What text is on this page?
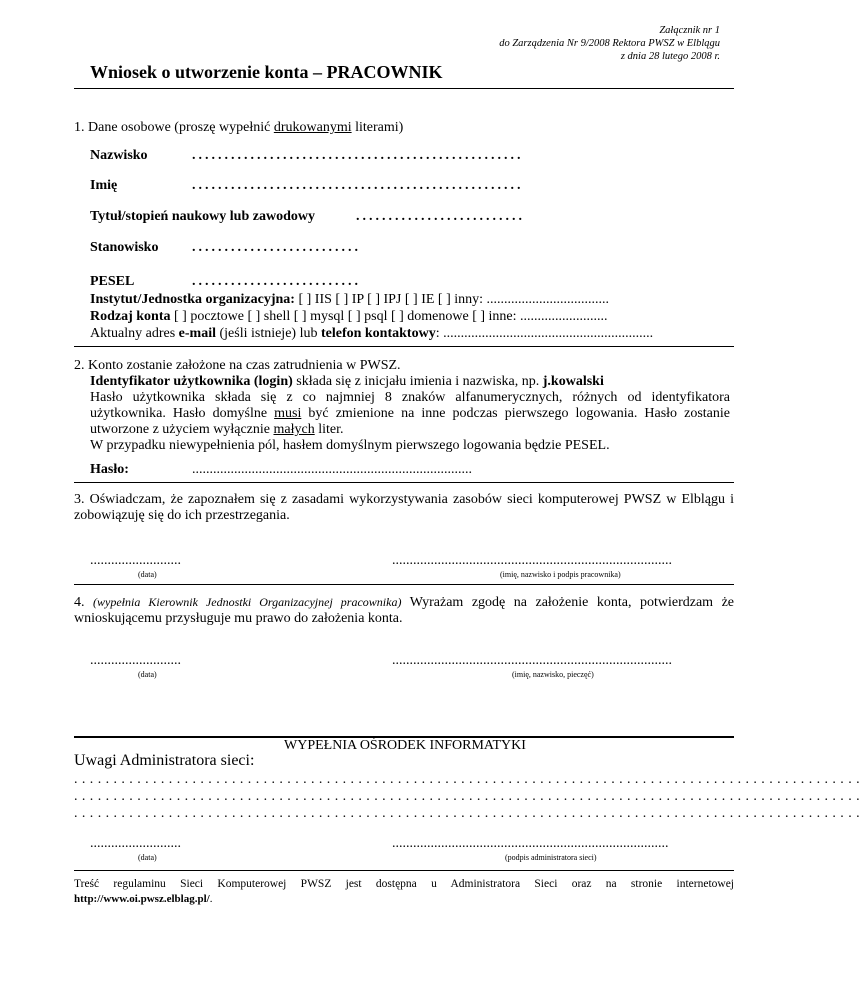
Załącznik nr 1
do Zarządzenia Nr 9/2008 Rektora PWSZ w Elblągu
z dnia 28 lutego 2008 r.
Wniosek o utworzenie konta – PRACOWNIK
1. Dane osobowe (proszę wypełnić drukowanymi literami)
Nazwisko	...................................................
Imię	...................................................
Tytuł/stopień naukowy lub zawodowy	..........................
Stanowisko ..........................
PESEL	..........................
Instytut/Jednostka organizacyjna: [ ] IIS [ ] IP [ ] IPJ [ ] IE [ ] inny: ...................................
Rodzaj konta [ ] pocztowe [ ] shell [ ] mysql [ ] psql [ ] domenowe [ ] inne: .........................
Aktualny adres e-mail (jeśli istnieje) lub telefon kontaktowy: ............................................................
2. Konto zostanie założone na czas zatrudnienia w PWSZ.
Identyfikator użytkownika (login) składa się z inicjału imienia i nazwiska, np. j.kowalski
Hasło użytkownika składa się z co najmniej 8 znaków alfanumerycznych, różnych od identyfikatora użytkownika. Hasło domyślne musi być zmienione na inne podczas pierwszego logowania. Hasło zostanie utworzone z użyciem wyłącznie małych liter.
W przypadku niewypełnienia pól, hasłem domyślnym pierwszego logowania będzie PESEL.
Hasło:	................................................................................
3. Oświadczam, że zapoznałem się z zasadami wykorzystywania zasobów sieci komputerowej PWSZ w Elblągu i zobowiązuję się do ich przestrzegania.
..........................
(data)
................................................................................
(imię, nazwisko i podpis pracownika)
4. (wypełnia Kierownik Jednostki Organizacyjnej pracownika) Wyrażam zgodę na założenie konta, potwierdzam że wnioskującemu przysługuje mu prawo do założenia konta.
..........................
(data)
................................................................................
(imię, nazwisko, pieczęć)
WYPEŁNIA OŚRODEK INFORMATYKI
Uwagi Administratora sieci:
....................................................................................................
....................................................................................................
....................................................................................................
..........................
(data)
...............................................................................
(podpis administratora sieci)
Treść regulaminu Sieci Komputerowej PWSZ jest dostępna u Administratora Sieci oraz na stronie internetowej
http://www.oi.pwsz.elblag.pl/.
